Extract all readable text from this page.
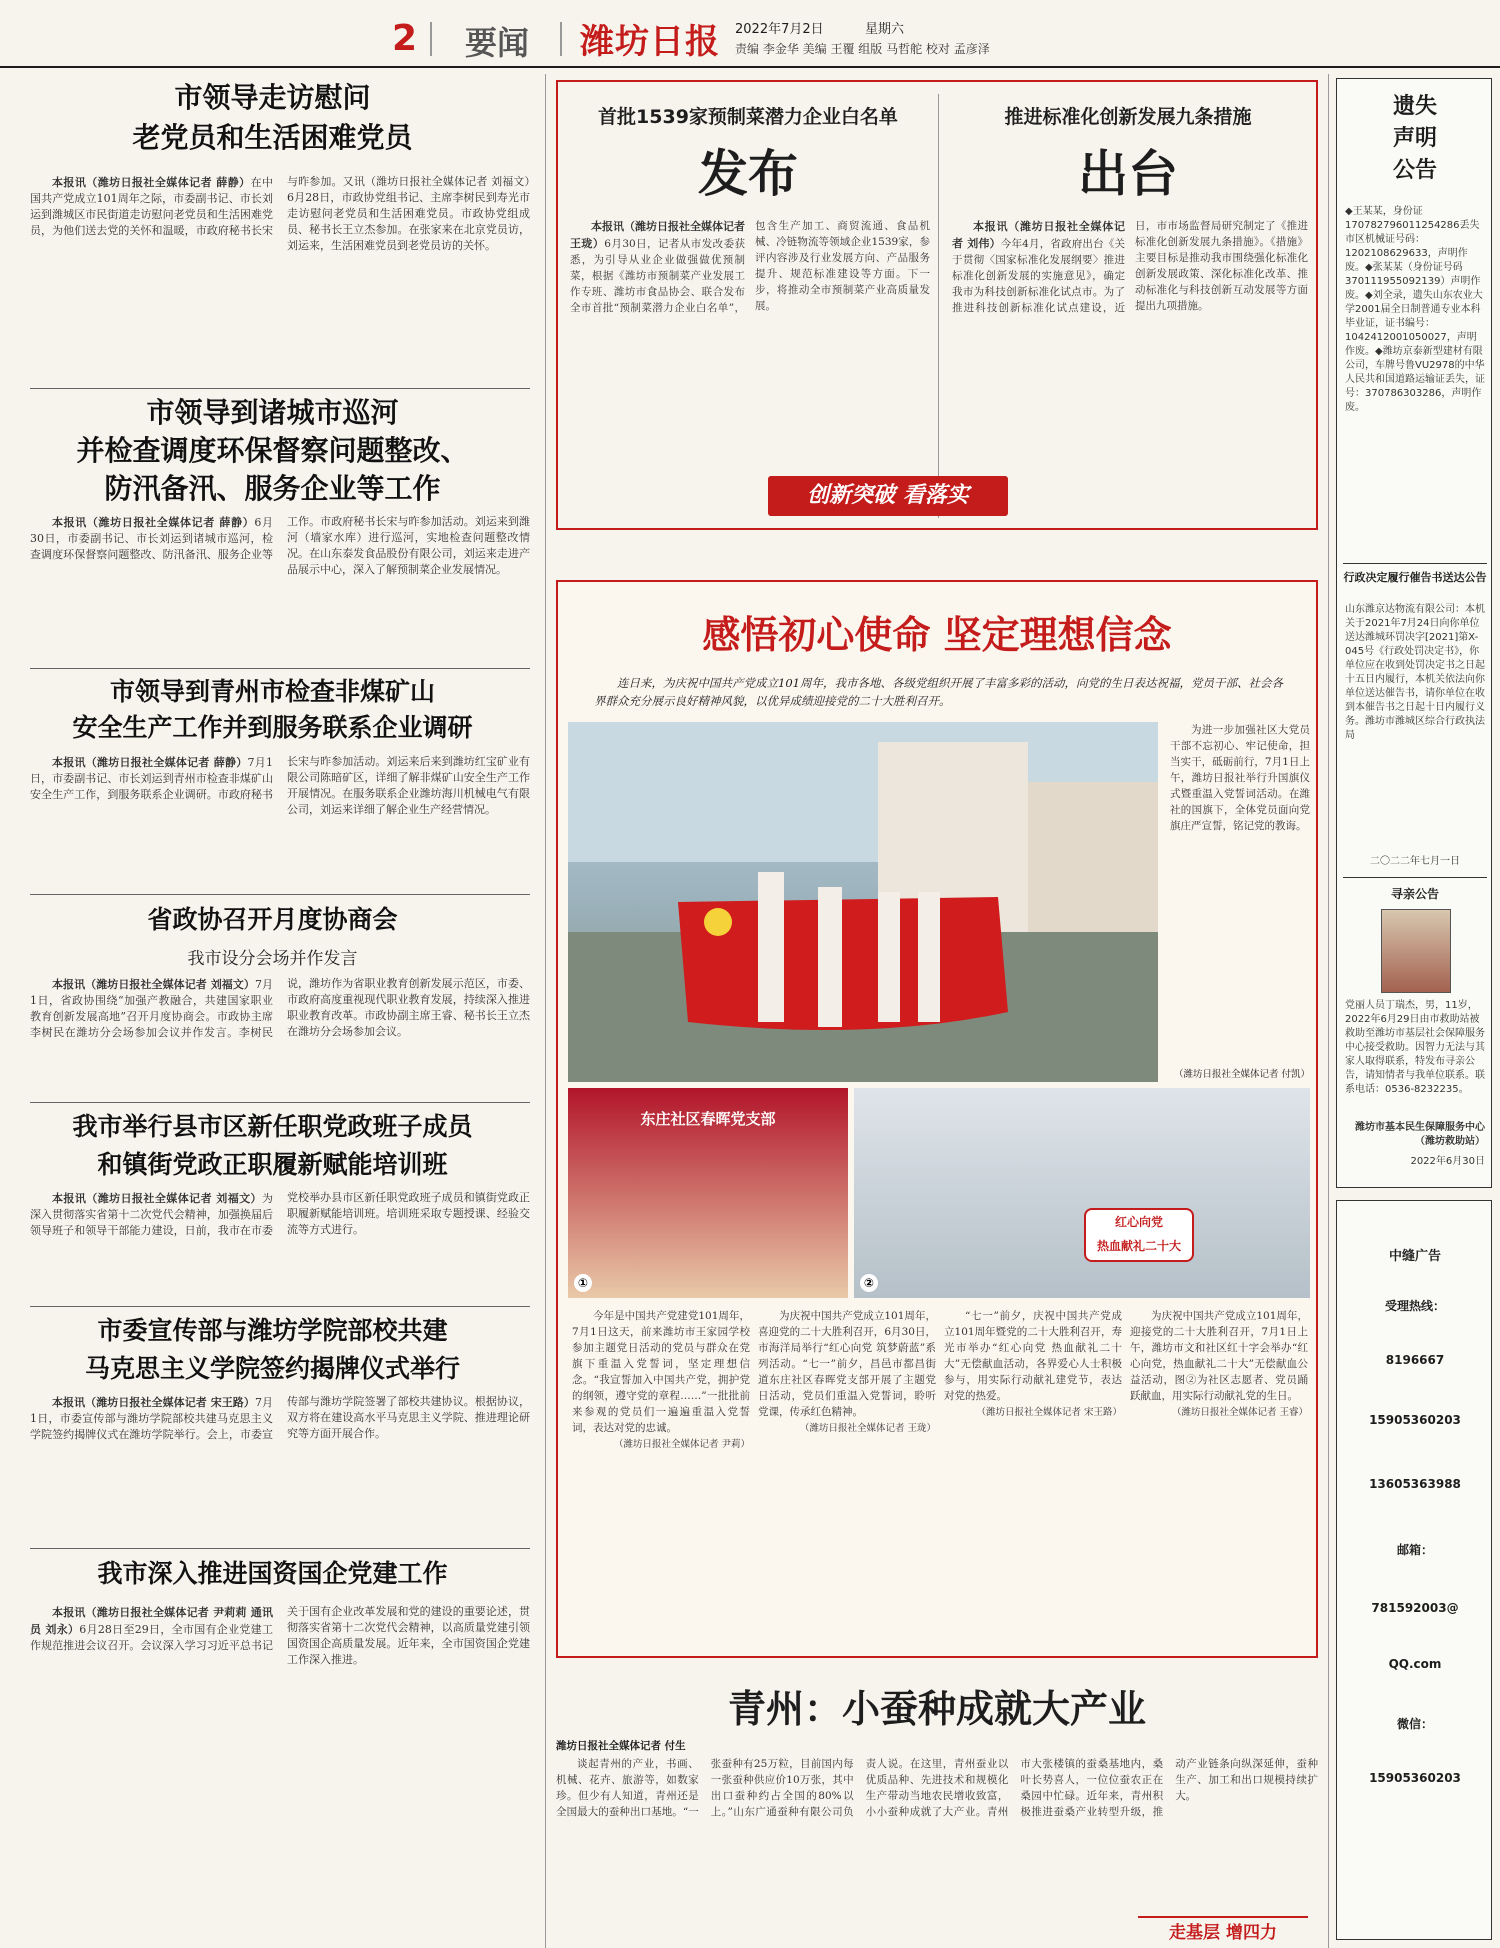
2 要闻 潍坊日报 2022年7月2日	星期六
责编 李金华 美编 王覆 组版 马哲舵 校对 孟彦泽
市领导走访慰问
老党员和生活困难党员

本报讯（潍坊日报社全媒体记者 薛静）在中国共产党成立101周年之际，市委副书记、市长刘运到潍城区市民街道走访慰问老党员和生活困难党员，为他们送去党的关怀和温暖，市政府秘书长宋与昨参加。又讯（潍坊日报社全媒体记者 刘福文）6月28日，市政协党组书记、主席李树民到寿光市走访慰问老党员和生活困难党员。市政协党组成员、秘书长王立杰参加。在张家来在北京党员访，刘运来，生活困难党员到老党员访的关怀。

市领导到诸城市巡河
并检查调度环保督察问题整改、
防汛备汛、服务企业等工作

本报讯（潍坊日报社全媒体记者 薛静）6月30日，市委副书记、市长刘运到诸城市巡河，检查调度环保督察问题整改、防汛备汛、服务企业等工作。市政府秘书长宋与昨参加活动。刘运来到潍河（墙家水库）进行巡河，实地检查问题整改情况。在山东泰发食品股份有限公司，刘运来走进产品展示中心，深入了解预制菜企业发展情况。

市领导到青州市检查非煤矿山
安全生产工作并到服务联系企业调研

本报讯（潍坊日报社全媒体记者 薛静）7月1日，市委副书记、市长刘运到青州市检查非煤矿山安全生产工作，到服务联系企业调研。市政府秘书长宋与昨参加活动。刘运来后来到潍坊红宝矿业有限公司陈暗矿区，详细了解非煤矿山安全生产工作开展情况。在服务联系企业潍坊海川机械电气有限公司，刘运来详细了解企业生产经营情况。

省政协召开月度协商会
我市设分会场并作发言

本报讯（潍坊日报社全媒体记者 刘福文）7月1日，省政协围绕“加强产教融合，共建国家职业教育创新发展高地”召开月度协商会。市政协主席李树民在潍坊分会场参加会议并作发言。李树民说，潍坊作为省职业教育创新发展示范区，市委、市政府高度重视现代职业教育发展，持续深入推进职业教育改革。市政协副主席王睿、秘书长王立杰在潍坊分会场参加会议。

我市举行县市区新任职党政班子成员
和镇街党政正职履新赋能培训班

本报讯（潍坊日报社全媒体记者 刘福文）为深入贯彻落实省第十二次党代会精神，加强换届后领导班子和领导干部能力建设，日前，我市在市委党校举办县市区新任职党政班子成员和镇街党政正职履新赋能培训班。培训班采取专题授课、经验交流等方式进行。

市委宣传部与潍坊学院部校共建
马克思主义学院签约揭牌仪式举行

本报讯（潍坊日报社全媒体记者 宋王路）7月1日，市委宣传部与潍坊学院部校共建马克思主义学院签约揭牌仪式在潍坊学院举行。会上，市委宣传部与潍坊学院签署了部校共建协议。根据协议，双方将在建设高水平马克思主义学院、推进理论研究等方面开展合作。

我市深入推进国资国企党建工作

本报讯（潍坊日报社全媒体记者 尹莉莉 通讯员 刘永）6月28日至29日，全市国有企业党建工作规范推进会议召开。会议深入学习习近平总书记关于国有企业改革发展和党的建设的重要论述，贯彻落实省第十二次党代会精神，以高质量党建引领国资国企高质量发展。近年来，全市国资国企党建工作深入推进。

首批1539家预制菜潜力企业白名单
发布

本报讯（潍坊日报社全媒体记者 王珑）6月30日，记者从市发改委获悉，为引导从业企业做强做优预制菜，根据《潍坊市预制菜产业发展工作专班、潍坊市食品协会、联合发布全市首批“预制菜潜力企业白名单”，包含生产加工、商贸流通、食品机械、冷链物流等领域企业1539家，参评内容涉及行业发展方向、产品服务提升、规范标准建设等方面。下一步，将推动全市预制菜产业高质量发展。

推进标准化创新发展九条措施
出台

本报讯（潍坊日报社全媒体记者 刘伟）今年4月，省政府出台《关于贯彻〈国家标准化发展纲要〉推进标准化创新发展的实施意见》，确定我市为科技创新标准化试点市。为了推进科技创新标准化试点建设，近日，市市场监督局研究制定了《推进标准化创新发展九条措施》。《措施》主要目标是推动我市围绕强化标准化创新发展政策、深化标准化改革、推动标准化与科技创新互动发展等方面提出九项措施。

创新突破 看落实
感悟初心使命 坚定理想信念
连日来，为庆祝中国共产党成立101周年，我市各地、各级党组织开展了丰富多彩的活动，向党的生日表达祝福，党员干部、社会各界群众充分展示良好精神风貌，以优异成绩迎接党的二十大胜利召开。

为进一步加强社区大党员干部不忘初心、牢记使命，担当实干，砥砺前行，7月1日上午，潍坊日报社举行升国旗仪式暨重温入党誓词活动。在潍社的国旗下，全体党员面向党旗庄严宣誓，铭记党的教诲。

（潍坊日报社全媒体记者 付凯）
东庄社区春晖党支部
①
红心向党
热血献礼二十大
②

今年是中国共产党建党101周年，7月1日这天，前来潍坊市王家园学校参加主题党日活动的党员与群众在党旗下重温入党誓词，坚定理想信念。“我宣誓加入中国共产党，拥护党的纲领，遵守党的章程……”一批批前来参观的党员们一遍遍重温入党誓词，表达对党的忠诚。

（潍坊日报社全媒体记者 尹莉）

为庆祝中国共产党成立101周年，喜迎党的二十大胜利召开，6月30日，市海洋局举行“红心向党 筑梦蔚蓝”系列活动。“七一”前夕，昌邑市都昌街道东庄社区春晖党支部开展了主题党日活动，党员们重温入党誓词，聆听党课，传承红色精神。

（潍坊日报社全媒体记者 王珑）

“七一”前夕，庆祝中国共产党成立101周年暨党的二十大胜利召开，寿光市举办“红心向党 热血献礼二十大”无偿献血活动，各界爱心人士积极参与，用实际行动献礼建党节，表达对党的热爱。

（潍坊日报社全媒体记者 宋王路）

为庆祝中国共产党成立101周年，迎接党的二十大胜利召开，7月1日上午，潍坊市文和社区红十字会举办“红心向党，热血献礼二十大”无偿献血公益活动，图②为社区志愿者、党员踊跃献血，用实际行动献礼党的生日。

（潍坊日报社全媒体记者 王睿）
青州：小蚕种成就大产业
潍坊日报社全媒体记者 付生

谈起青州的产业，书画、机械、花卉、旅游等，如数家珍。但少有人知道，青州还是全国最大的蚕种出口基地。“一张蚕种有25万粒，目前国内每一张蚕种供应价10万张，其中出口蚕种约占全国的80%以上。”山东广通蚕种有限公司负责人说。在这里，青州蚕业以优质品种、先进技术和规模化生产带动当地农民增收致富，小小蚕种成就了大产业。青州市大张楼镇的蚕桑基地内，桑叶长势喜人，一位位蚕农正在桑园中忙碌。近年来，青州积极推进蚕桑产业转型升级，推动产业链条向纵深延伸，蚕种生产、加工和出口规模持续扩大。

走基层 增四力
遗失
声明
公告
◆王某某，身份证170782796011254286丢失市区机械证号码：1202108629633，声明作废。◆张某某（身份证号码370111955092139）声明作废。◆刘全录，遗失山东农业大学2001届全日制普通专业本科毕业证，证书编号：1042412001050027，声明作废。◆潍坊京泰新型建材有限公司，车牌号鲁VU2978的中华人民共和国道路运输证丢失，证号：370786303286，声明作废。
行政决定履行催告书送达公告
山东潍京达物流有限公司：本机关于2021年7月24日向你单位送达潍城环罚决字[2021]第X-045号《行政处罚决定书》，你单位应在收到处罚决定书之日起十五日内履行，本机关依法向你单位送达催告书，请你单位在收到本催告书之日起十日内履行义务。潍坊市潍城区综合行政执法局
二〇二二年七月一日
寻亲公告
党丽人员丁瑞杰，男，11岁，2022年6月29日由市救助站被救助至潍坊市基层社会保障服务中心接受救助。因智力无法与其家人取得联系，特发布寻亲公告，请知情者与我单位联系。联系电话：0536-8232235。
潍坊市基本民生保障服务中心（潍坊救助站）
2022年6月30日
中缝广告
受理热线：
8196667
15905360203
13605363988
邮箱：
781592003@
QQ.com
微信：
15905360203
